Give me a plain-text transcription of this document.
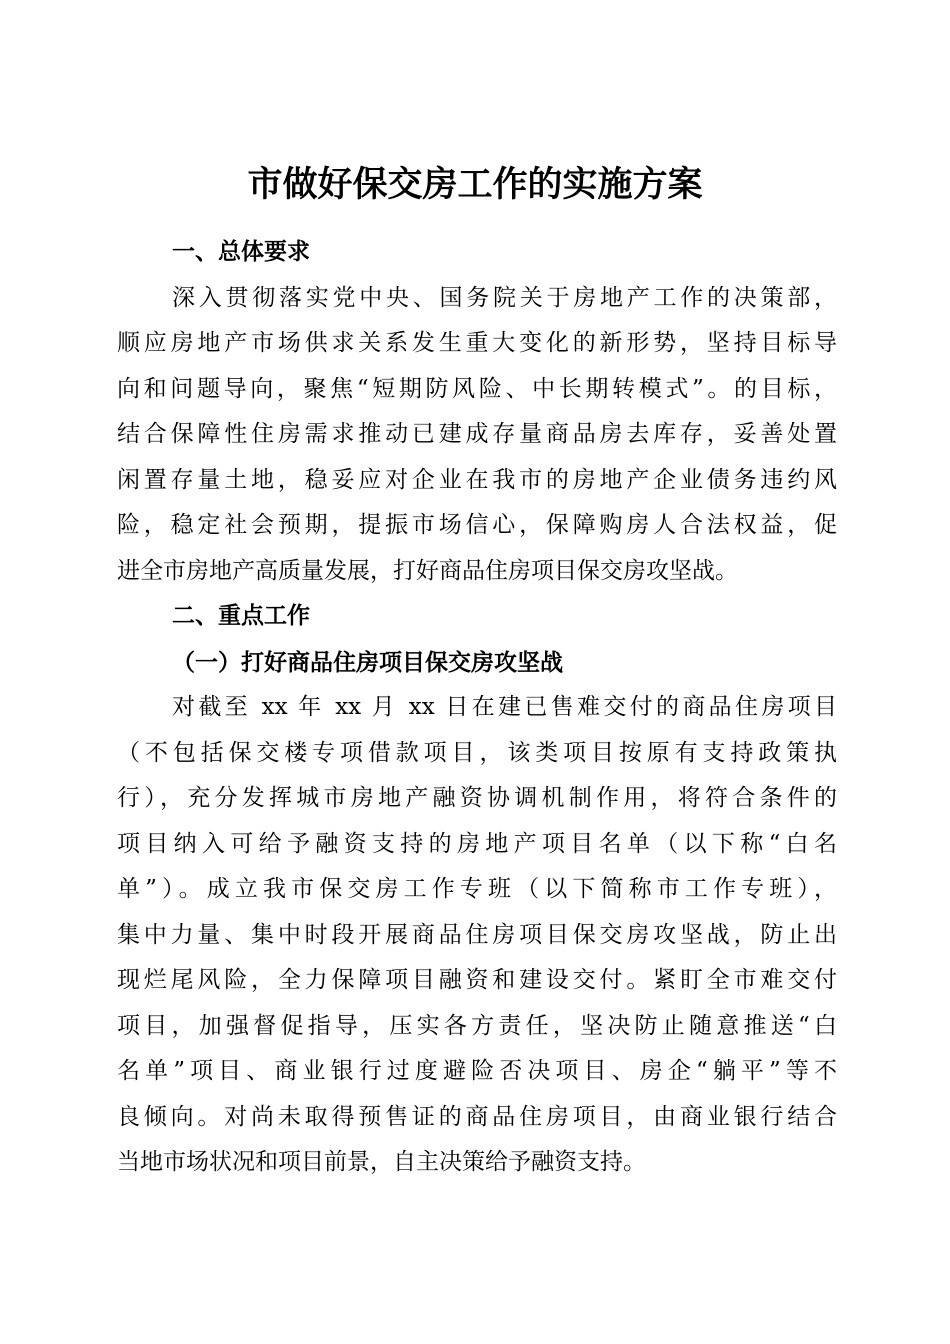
市做好保交房工作的实施方案
一、总体要求

深入贯彻落实党中央、国务院关于房地产工作的决策部，
顺应房地产市场供求关系发生重大变化的新形势，坚持目标导
向和问题导向，聚焦“短期防风险、中长期转模式”。的目标，
结合保障性住房需求推动已建成存量商品房去库存，妥善处置
闲置存量土地，稳妥应对企业在我市的房地产企业债务违约风
险，稳定社会预期，提振市场信心，保障购房人合法权益，促
进全市房地产高质量发展，打好商品住房项目保交房攻坚战。

二、重点工作
（一）打好商品住房项目保交房攻坚战

对截至 xx 年 xx 月 xx 日在建已售难交付的商品住房项目
（不包括保交楼专项借款项目，该类项目按原有支持政策执
行），充分发挥城市房地产融资协调机制作用，将符合条件的
项目纳入可给予融资支持的房地产项目名单（以下称“白名
单”）。成立我市保交房工作专班（以下简称市工作专班），
集中力量、集中时段开展商品住房项目保交房攻坚战，防止出
现烂尾风险，全力保障项目融资和建设交付。紧盯全市难交付
项目，加强督促指导，压实各方责任，坚决防止随意推送“白
名单”项目、商业银行过度避险否决项目、房企“躺平”等不
良倾向。对尚未取得预售证的商品住房项目，由商业银行结合
当地市场状况和项目前景，自主决策给予融资支持。
